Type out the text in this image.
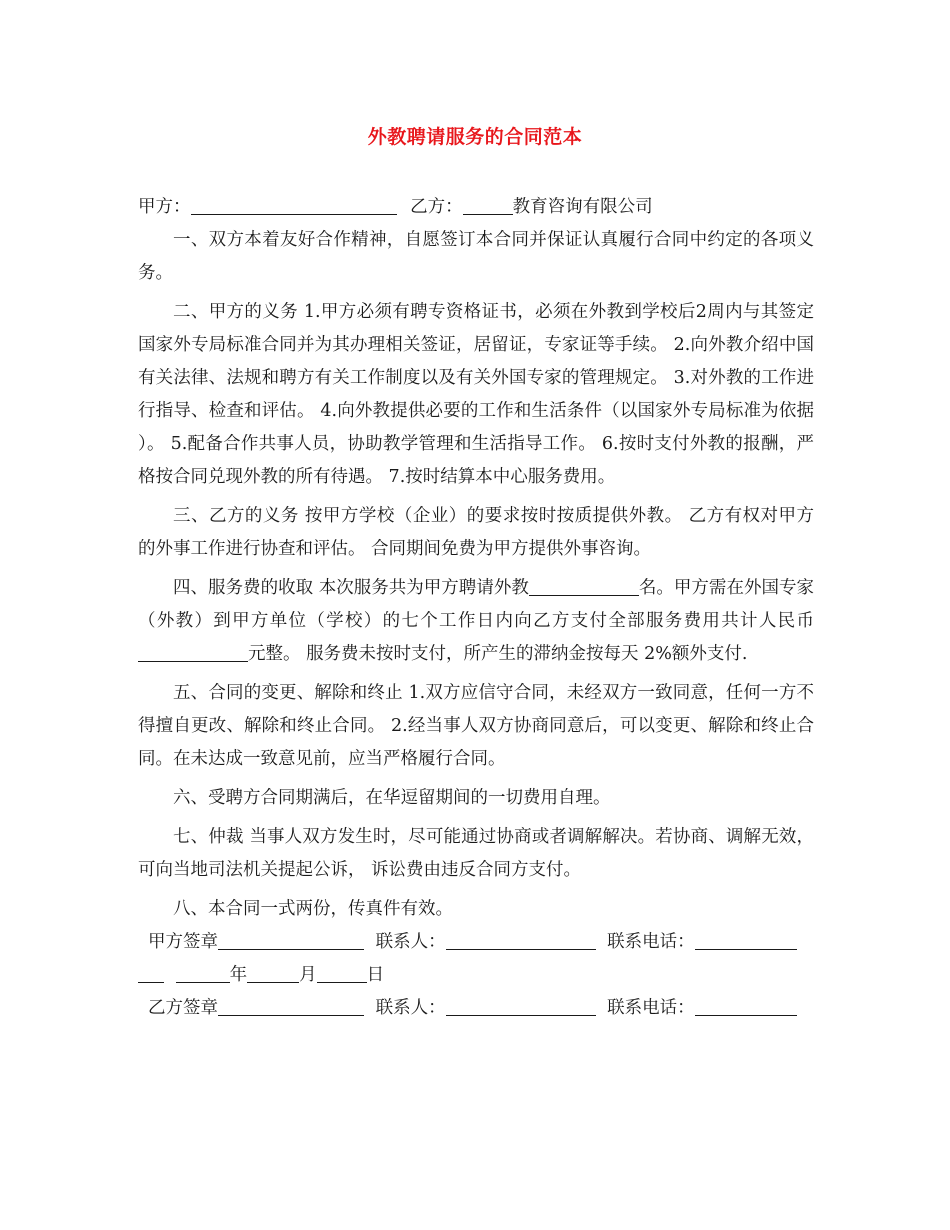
外教聘请服务的合同范本

甲方：	乙方：	教育咨询有限公司

一、双方本着友好合作精神，自愿签订本合同并保证认真履行合同中约定的各项义务。

二、甲方的义务 1.甲方必须有聘专资格证书，必须在外教到学校后2周内与其签定国家外专局标准合同并为其办理相关签证，居留证，专家证等手续。 2.向外教介绍中国有关法律、法规和聘方有关工作制度以及有关外国专家的管理规定。 3.对外教的工作进行指导、检查和评估。 4.向外教提供必要的工作和生活条件（以国家外专局标准为依据 ）。 5.配备合作共事人员，协助教学管理和生活指导工作。 6.按时支付外教的报酬，严格按合同兑现外教的所有待遇。 7.按时结算本中心服务费用。

三、乙方的义务 按甲方学校（企业）的要求按时按质提供外教。 乙方有权对甲方的外事工作进行协查和评估。 合同期间免费为甲方提供外事咨询。

四、服务费的收取 本次服务共为甲方聘请外教	名。甲方需在外国专家（外教）到甲方单位（学校）的七个工作日内向乙方支付全部服务费用共计人民币元整。 服务费未按时支付，所产生的滞纳金按每天 2%额外支付.

五、合同的变更、解除和终止 1.双方应信守合同，未经双方一致同意，任何一方不得擅自更改、解除和终止合同。 2.经当事人双方协商同意后，可以变更、解除和终止合同。在未达成一致意见前，应当严格履行合同。

六、受聘方合同期满后，在华逗留期间的一切费用自理。

七、仲裁 当事人双方发生时，尽可能通过协商或者调解解决。若协商、调解无效，可向当地司法机关提起公诉， 诉讼费由违反合同方支付。

八、本合同一式两份，传真件有效。

甲方签章	联系人：	联系电话：

年	月	日

乙方签章	联系人：	联系电话：
